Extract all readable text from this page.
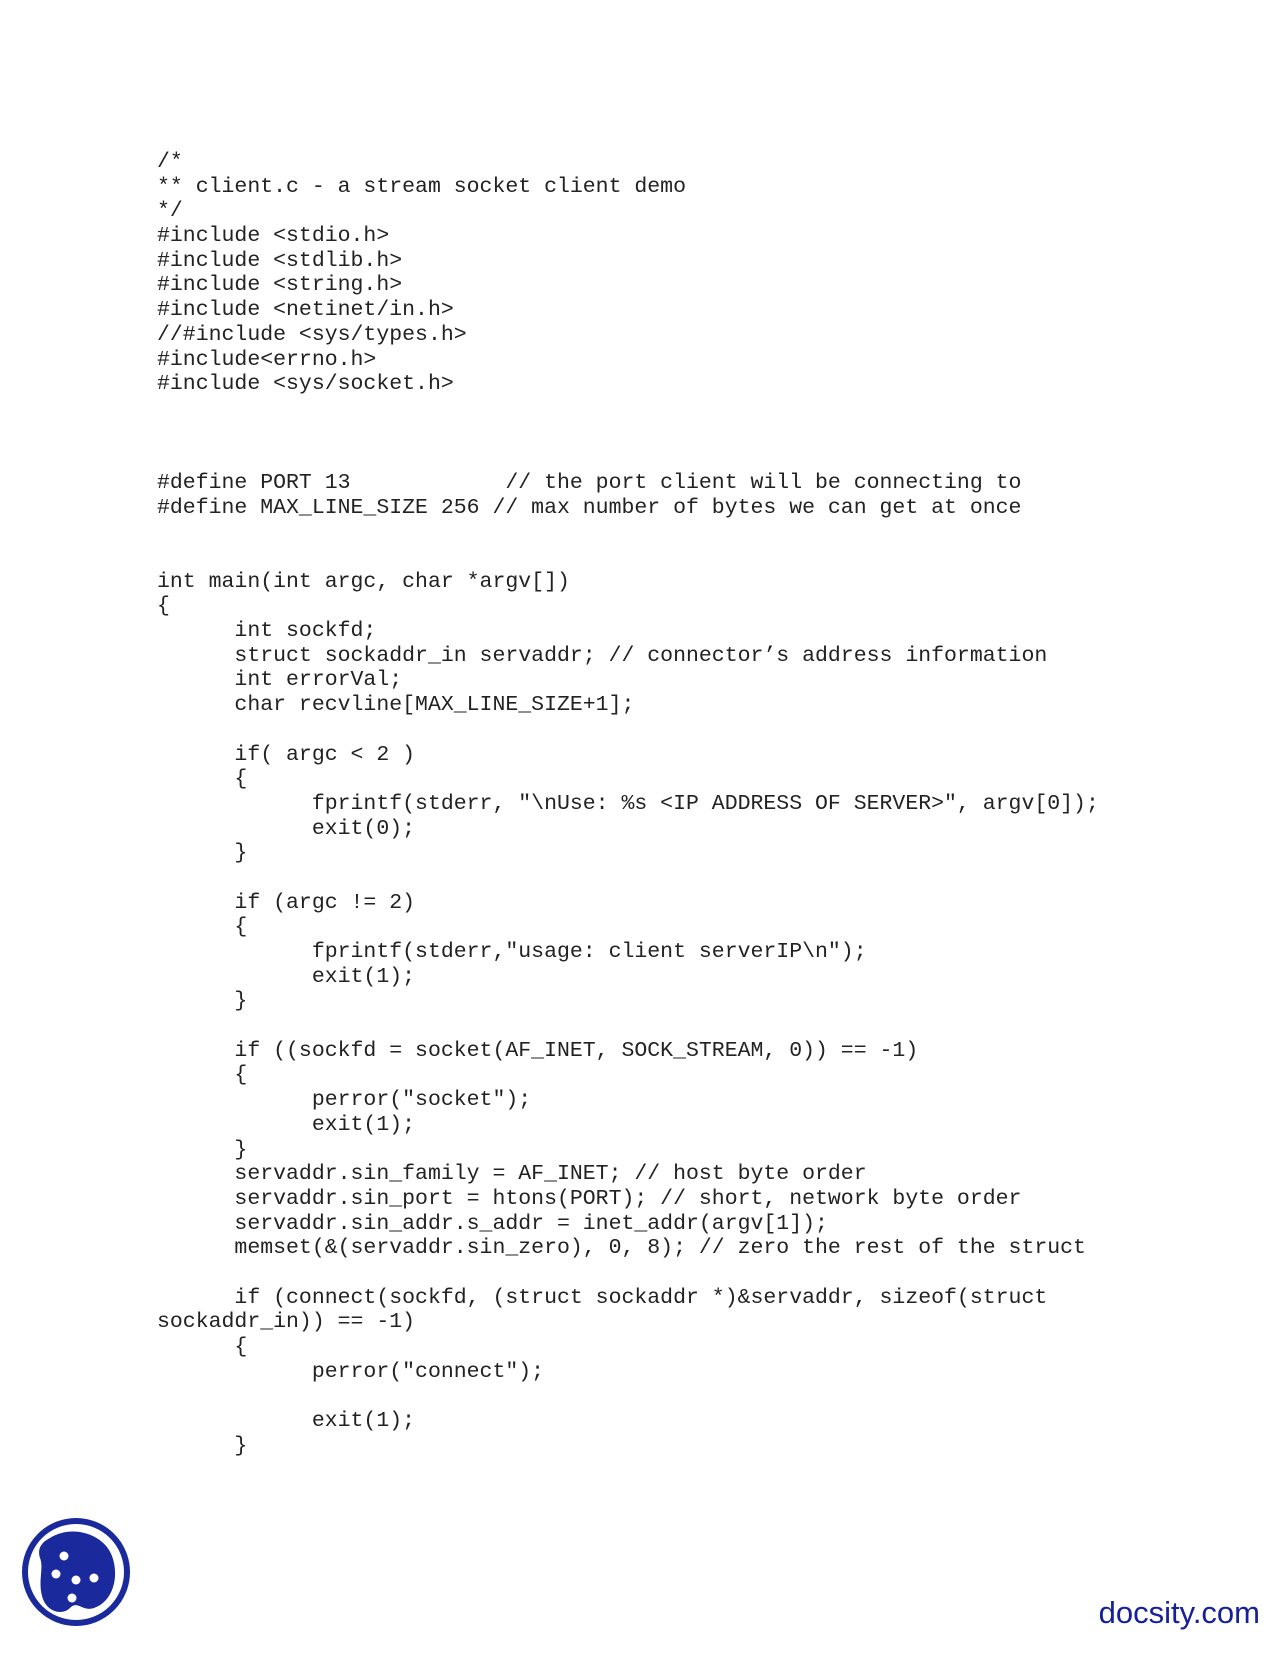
/*
** client.c - a stream socket client demo
*/
#include <stdio.h>
#include <stdlib.h>
#include <string.h>
#include <netinet/in.h>
//#include <sys/types.h>
#include<errno.h>
#include <sys/socket.h>

#define PORT 13            // the port client will be connecting to
#define MAX_LINE_SIZE 256 // max number of bytes we can get at once

int main(int argc, char *argv[])
{
int sockfd;
struct sockaddr_in servaddr; // connector’s address information
int errorVal;
char recvline[MAX_LINE_SIZE+1];

if( argc < 2 )
{
fprintf(stderr, "\nUse: %s <IP ADDRESS OF SERVER>", argv[0]);
exit(0);
}

if (argc != 2)
{
fprintf(stderr,"usage: client serverIP\n");
exit(1);
}

if ((sockfd = socket(AF_INET, SOCK_STREAM, 0)) == -1)
{
perror("socket");
exit(1);
}
servaddr.sin_family = AF_INET; // host byte order
servaddr.sin_port = htons(PORT); // short, network byte order
servaddr.sin_addr.s_addr = inet_addr(argv[1]);
memset(&(servaddr.sin_zero), 0, 8); // zero the rest of the struct

if (connect(sockfd, (struct sockaddr *)&servaddr, sizeof(struct
sockaddr_in)) == -1)
{
perror("connect");

exit(1);
}
docsity.com
